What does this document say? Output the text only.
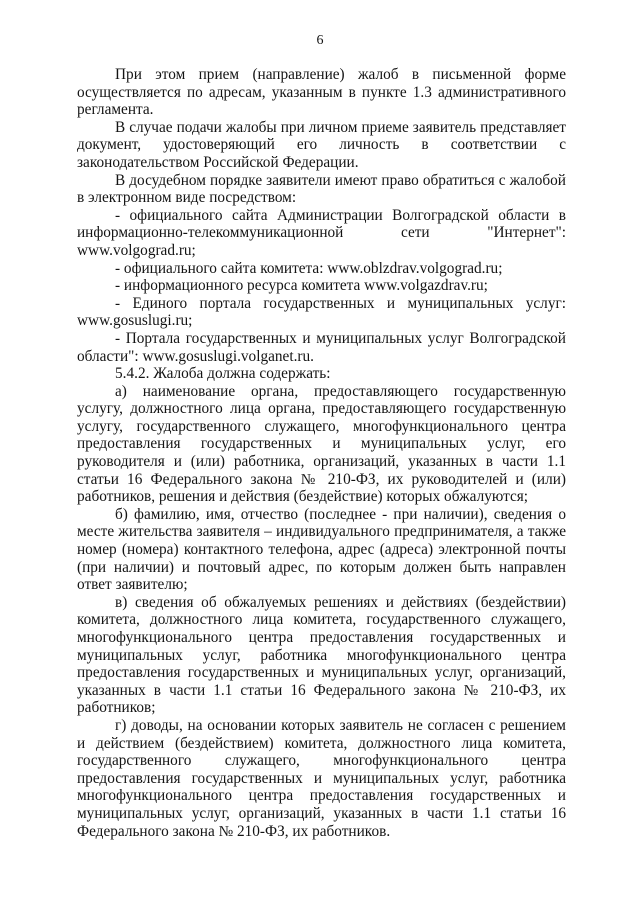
6

При этом прием (направление) жалоб в письменной форме осуществляется по адресам, указанным в пункте 1.3 административного регламента.

В случае подачи жалобы при личном приеме заявитель представляет документ, удостоверяющий его личность в соответствии с законодательством Российской Федерации.

В досудебном порядке заявители имеют право обратиться с жалобой в электронном виде посредством:

- официального сайта Администрации Волгоградской области в информационно-телекоммуникационной сети "Интернет": www.volgograd.ru;

- официального сайта комитета: www.oblzdrav.volgograd.ru;

- информационного ресурса комитета www.volgazdrav.ru;

- Единого портала государственных и муниципальных услуг: www.gosuslugi.ru;

- Портала государственных и муниципальных услуг Волгоградской области": www.gosuslugi.volganet.ru.

5.4.2. Жалоба должна содержать:

а) наименование органа, предоставляющего государственную услугу, должностного лица органа, предоставляющего государственную услугу, государственного служащего, многофункционального центра предоставления государственных и муниципальных услуг, его руководителя и (или) работника, организаций, указанных в части 1.1 статьи 16 Федерального закона № 210-ФЗ, их руководителей и (или) работников, решения и действия (бездействие) которых обжалуются;

б) фамилию, имя, отчество (последнее - при наличии), сведения о месте жительства заявителя – индивидуального предпринимателя, а также номер (номера) контактного телефона, адрес (адреса) электронной почты (при наличии) и почтовый адрес, по которым должен быть направлен ответ заявителю;

в) сведения об обжалуемых решениях и действиях (бездействии) комитета, должностного лица комитета, государственного служащего, многофункционального центра предоставления государственных и муниципальных услуг, работника многофункционального центра предоставления государственных и муниципальных услуг, организаций, указанных в части 1.1 статьи 16 Федерального закона № 210-ФЗ, их работников;

г) доводы, на основании которых заявитель не согласен с решением и действием (бездействием) комитета, должностного лица комитета, государственного служащего, многофункционального центра предоставления государственных и муниципальных услуг, работника многофункционального центра предоставления государственных и муниципальных услуг, организаций, указанных в части 1.1 статьи 16 Федерального закона № 210-ФЗ, их работников.
